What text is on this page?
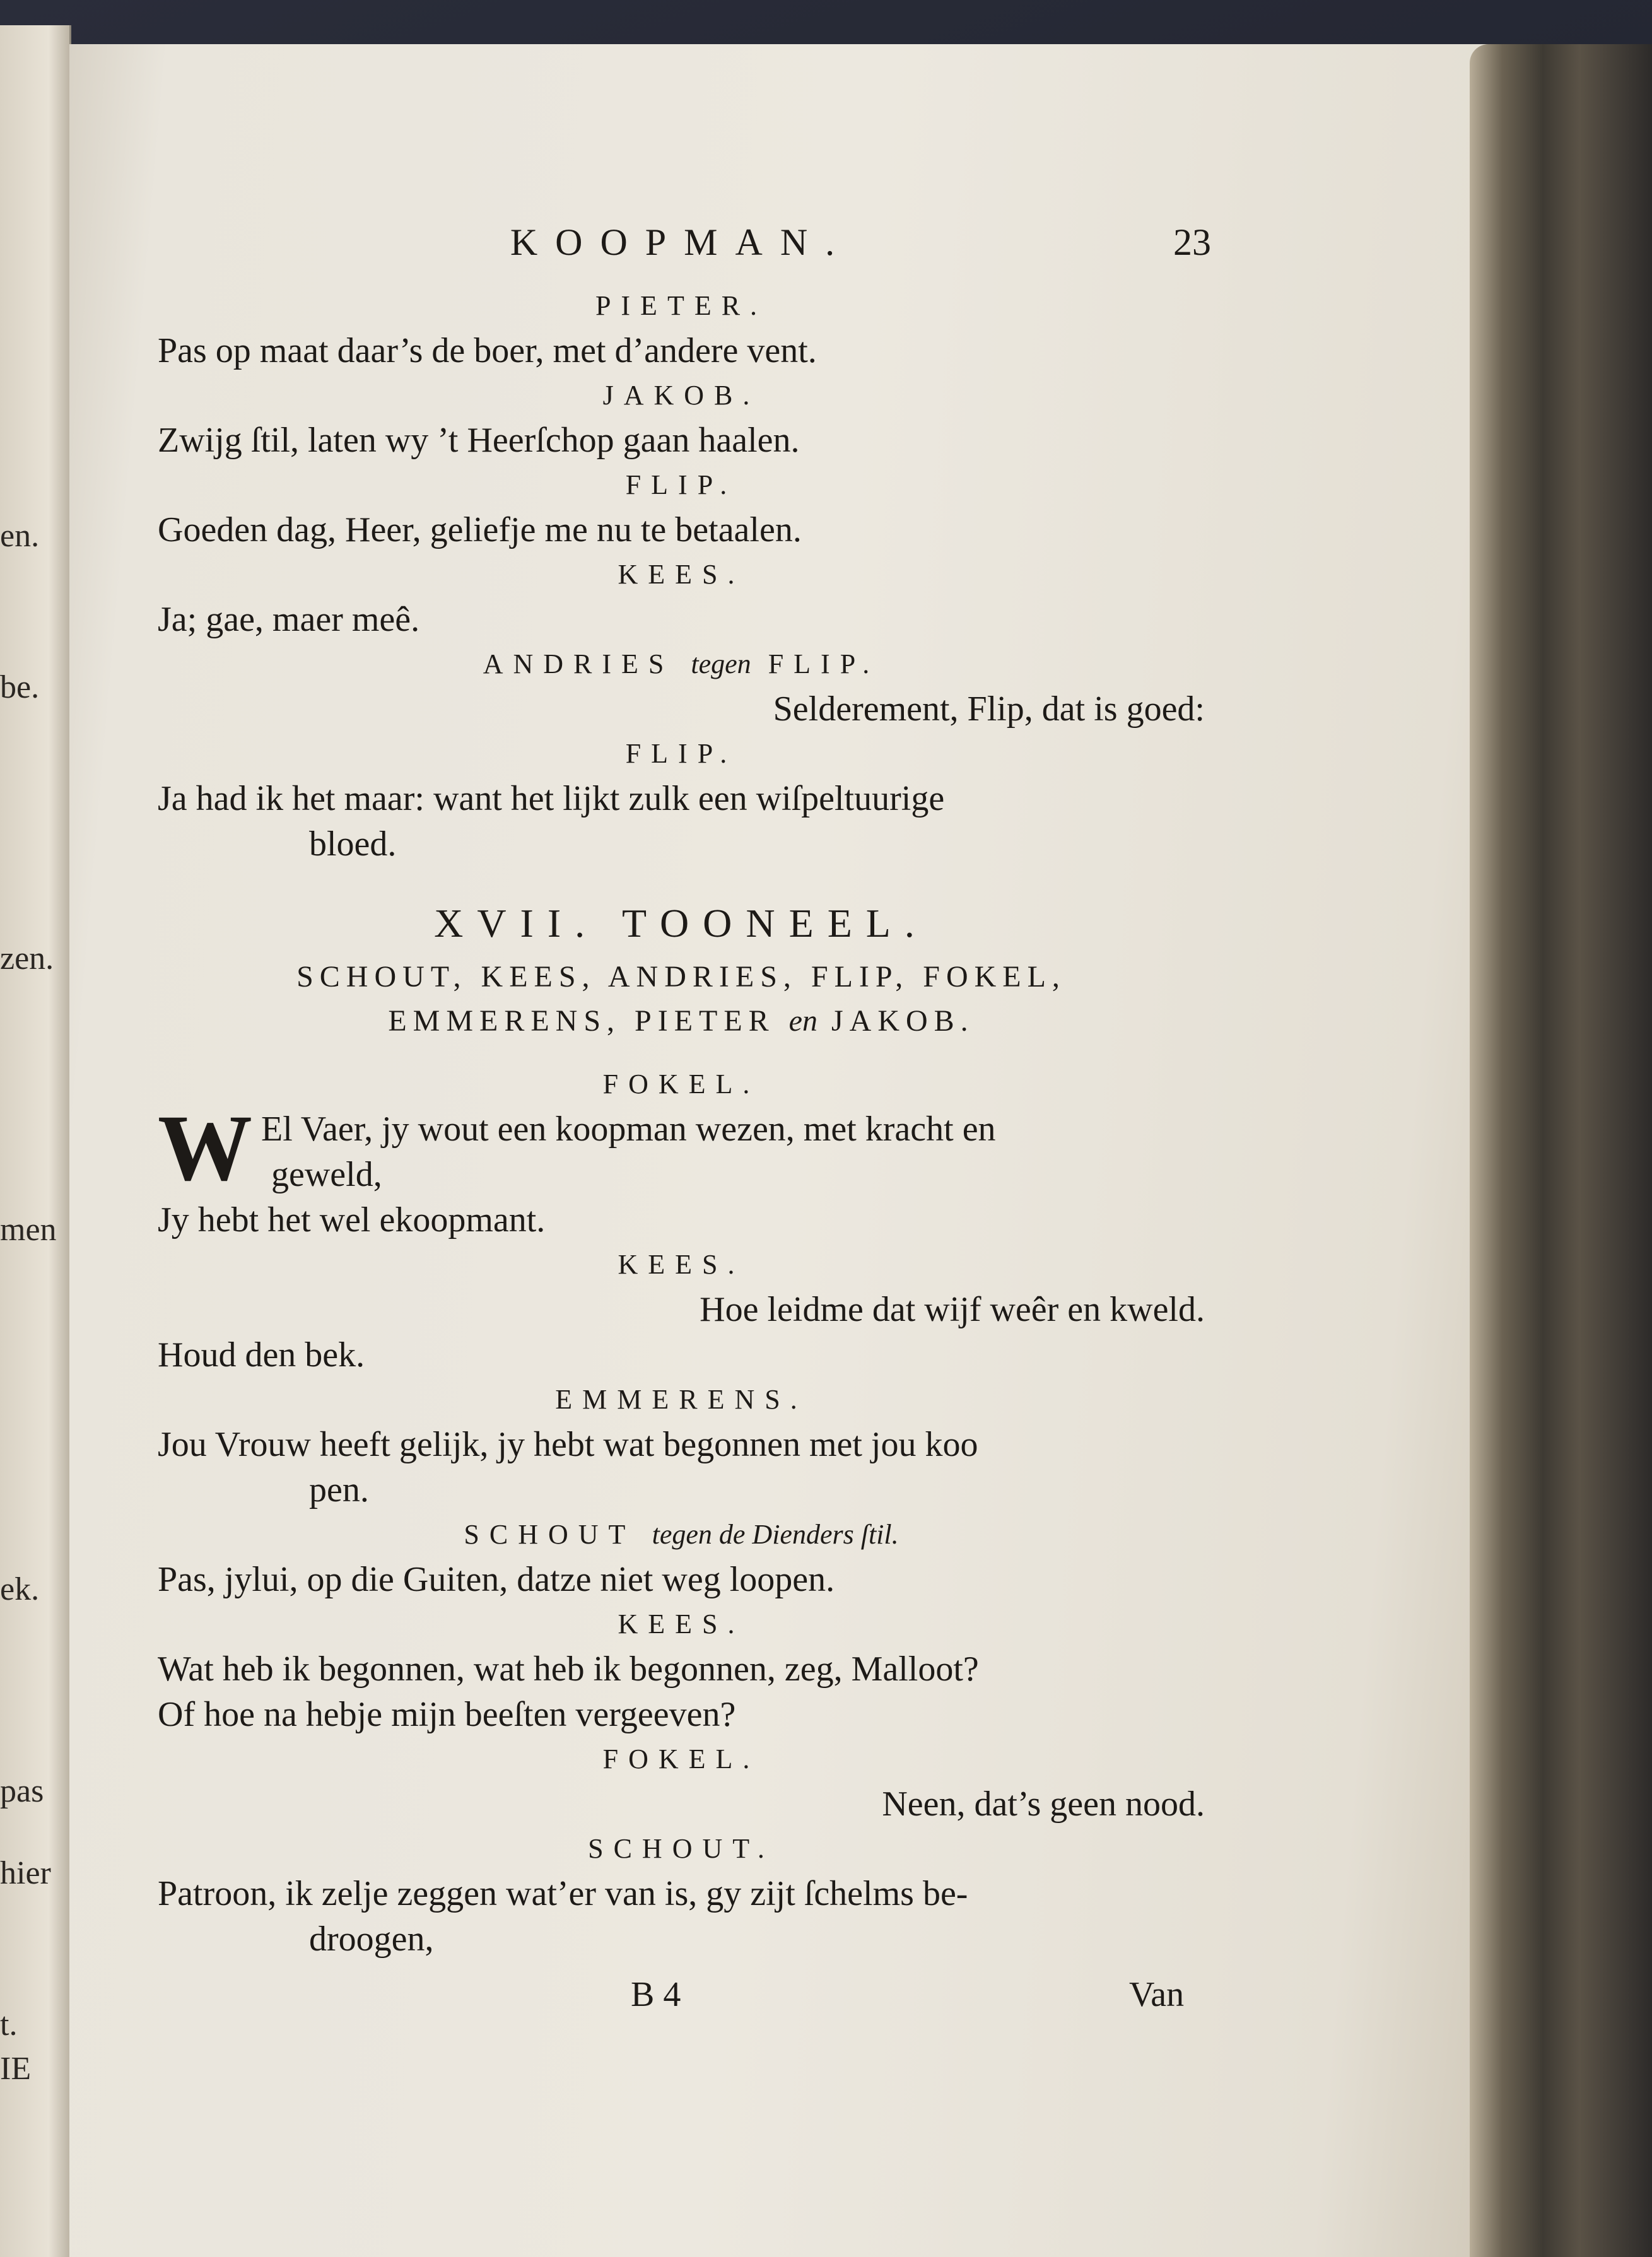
en.
be.
zen.
men
ek.
pas
hier
t.
IE
KOOPMAN.	23
PIETER.
Pas op maat daar’s de boer, met d’andere vent.
JAKOB.
Zwijg ſtil, laten wy ’t Heerſchop gaan haalen.
FLIP.
Goeden dag, Heer, geliefje me nu te betaalen.
KEES.
Ja; gae, maer meê.
ANDRIES tegen FLIP.
Selderement, Flip, dat is goed:
FLIP.
Ja had ik het maar: want het lijkt zulk een wiſpeltuurige
bloed.
XVII. TOONEEL.
SCHOUT, KEES, ANDRIES, FLIP, FOKEL,
EMMERENS, PIETER en JAKOB.
FOKEL.
W El Vaer, jy wout een koopman wezen, met kracht en
geweld,
Jy hebt het wel ekoopmant.
KEES.
Hoe leidme dat wijf weêr en kweld.
Houd den bek.
EMMERENS.
Jou Vrouw heeft gelijk, jy hebt wat begonnen met jou koo
pen.
SCHOUT tegen de Dienders ſtil.
Pas, jylui, op die Guiten, datze niet weg loopen.
KEES.
Wat heb ik begonnen, wat heb ik begonnen, zeg, Malloot?
Of hoe na hebje mijn beeſten vergeeven?
FOKEL.
Neen, dat’s geen nood.
SCHOUT.
Patroon, ik zelje zeggen wat’er van is, gy zijt ſchelms be-
droogen,
B 4	Van
